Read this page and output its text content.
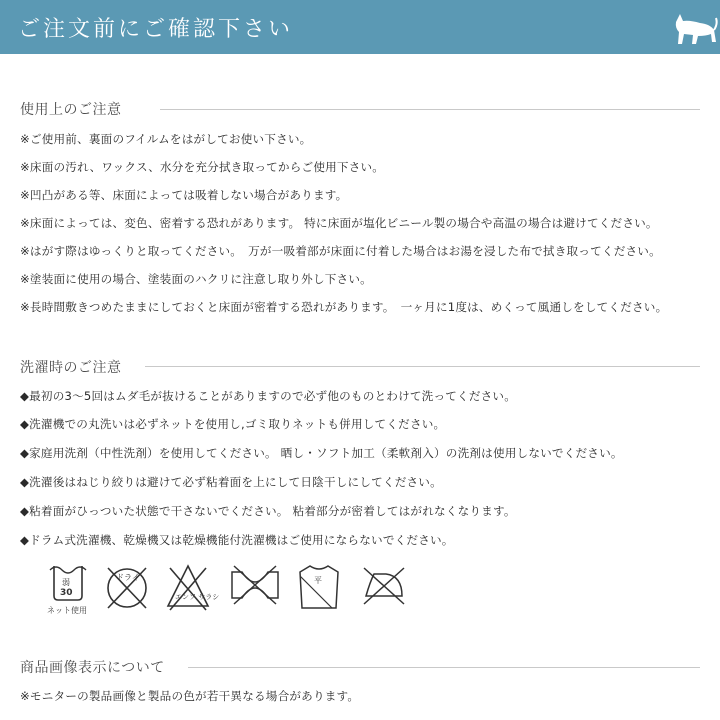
ご注文前にご確認下さい
使用上のご注意
※ご使用前、裏面のフイルムをはがしてお使い下さい。
※床面の汚れ、ワックス、水分を充分拭き取ってからご使用下さい。
※凹凸がある等、床面によっては吸着しない場合があります。
※床面によっては、変色、密着する恐れがあります。 特に床面が塩化ビニール製の場合や高温の場合は避けてください。
※はがす際はゆっくりと取ってください。　万が一吸着部が床面に付着した場合はお湯を浸した布で拭き取ってください。
※塗装面に使用の場合、塗装面のハクリに注意し取り外し下さい。
※長時間敷きつめたままにしておくと床面が密着する恐れがあります。　一ヶ月に1度は、めくって風通しをしてください。
洗濯時のご注意
◆最初の3～5回はムダ毛が抜けることがありますので必ず他のものとわけて洗ってください。
◆洗濯機での丸洗いは必ずネットを使用し,ゴミ取りネットも併用してください。
◆家庭用洗剤（中性洗剤）を使用してください。 晒し・ソフト加工（柔軟剤入）の洗剤は使用しないでください。
◆洗濯後はねじり絞りは避けて必ず粘着面を上にして日陰干しにしてください。
◆粘着面がひっついた状態で干さないでください。 粘着部分が密着してはがれなくなります。
◆ドラム式洗濯機、乾燥機又は乾燥機能付洗濯機はご使用にならないでください。
弱
30
ネット使用
ドライ
エンソ サラシ
平
商品画像表示について
※モニターの製品画像と製品の色が若干異なる場合があります。
